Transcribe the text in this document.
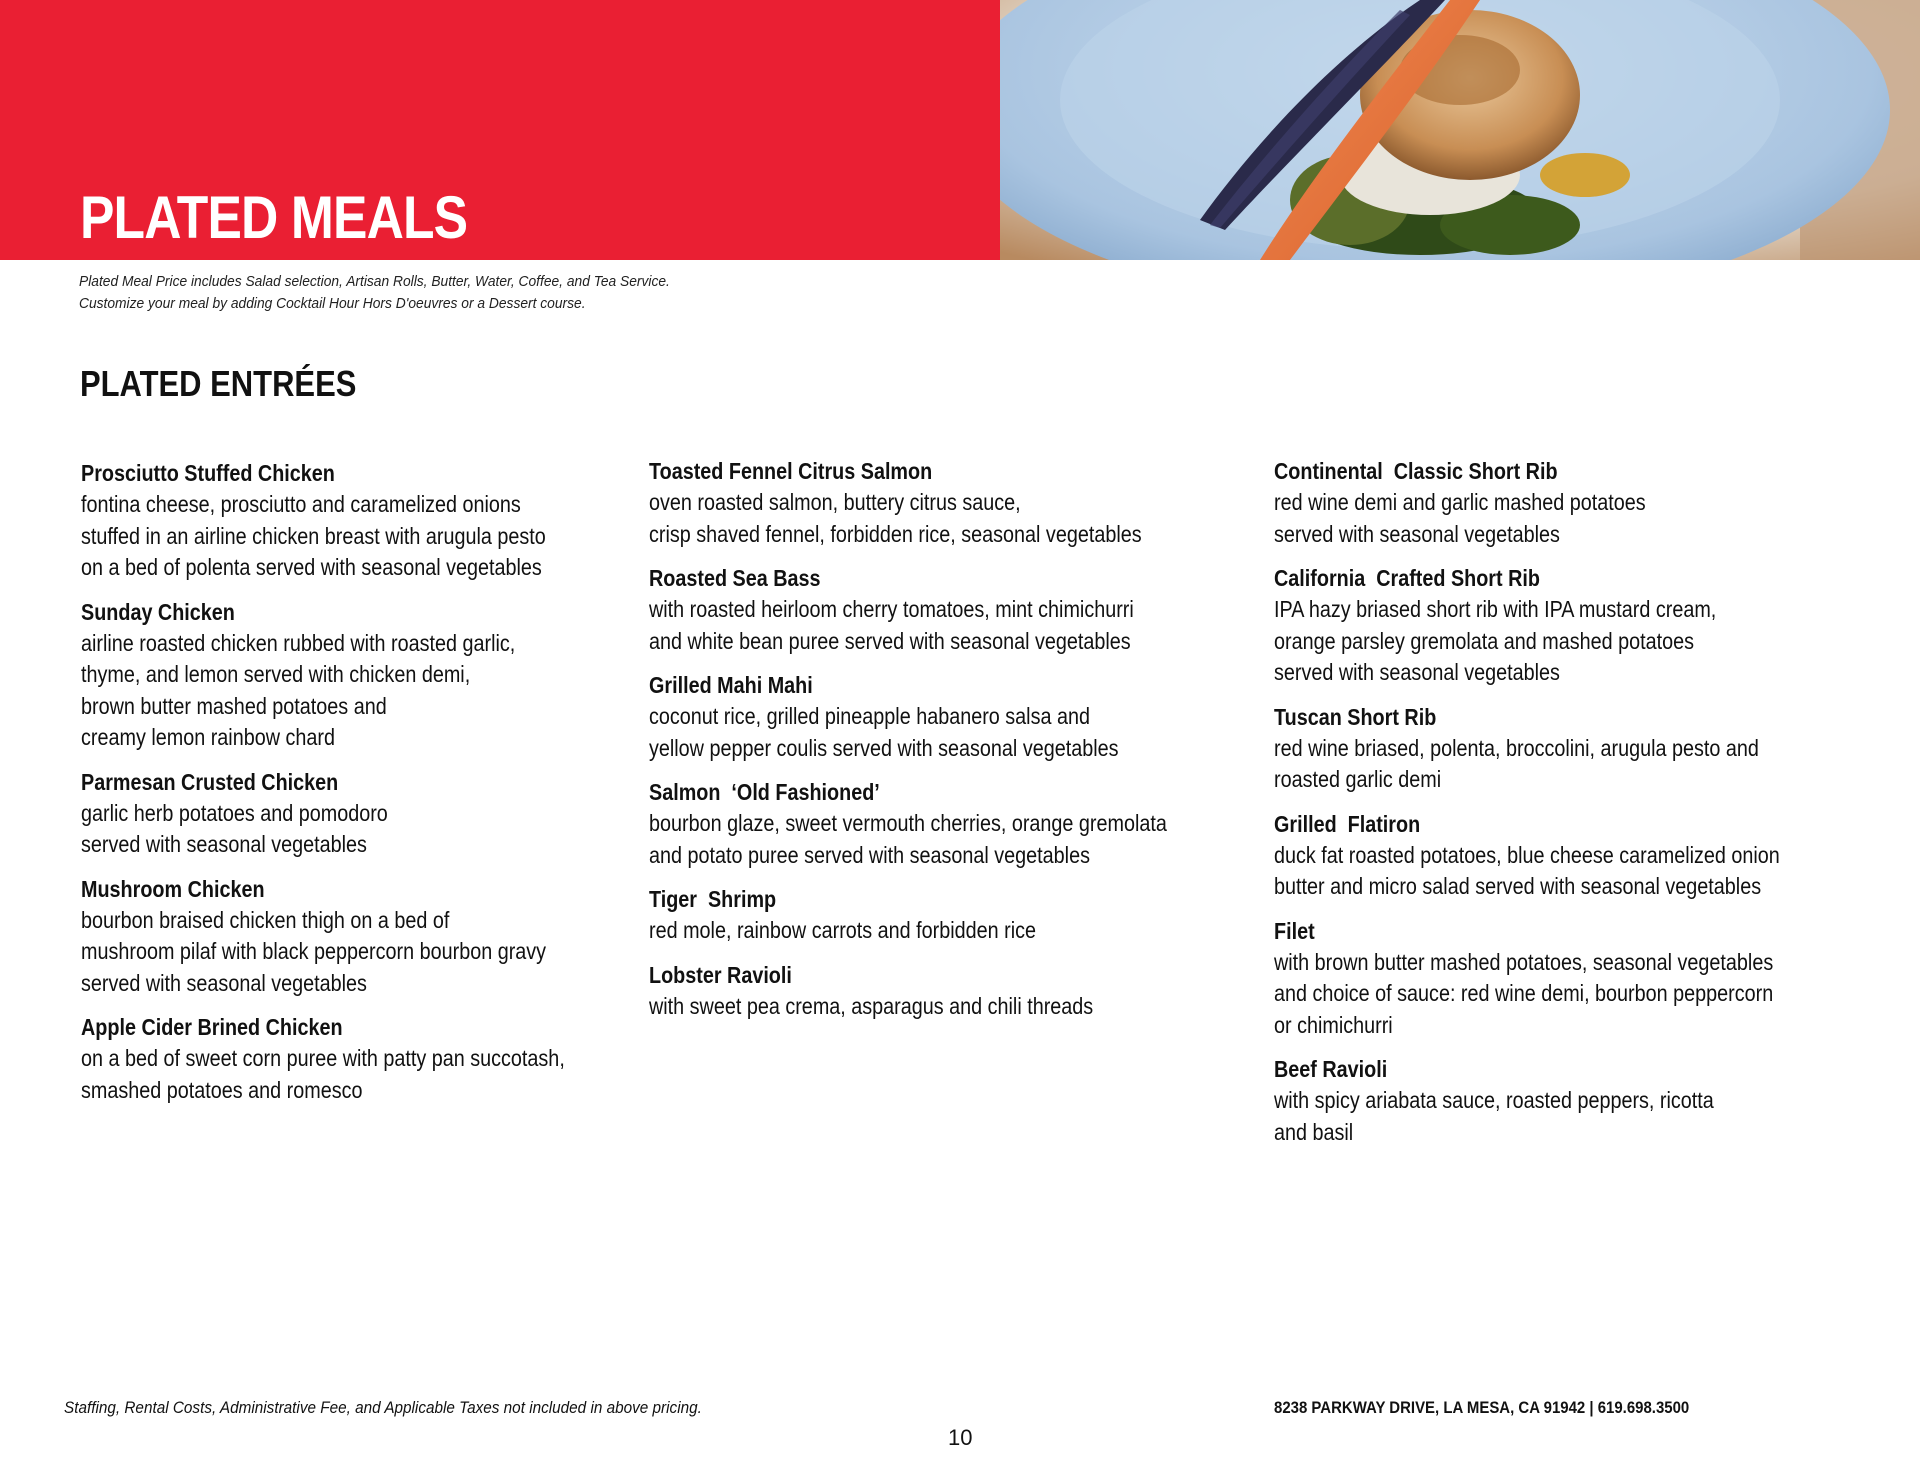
PLATED MEALS
Plated Meal Price includes Salad selection, Artisan Rolls, Butter, Water, Coffee, and Tea Service.
Customize your meal by adding Cocktail Hour Hors D'oeuvres or a Dessert course.
PLATED ENTRÉES
Prosciutto Stuffed Chicken
fontina cheese, prosciutto and caramelized onions
stuffed in an airline chicken breast with arugula pesto
on a bed of polenta served with seasonal vegetables
Sunday Chicken
airline roasted chicken rubbed with roasted garlic,
thyme, and lemon served with chicken demi,
brown butter mashed potatoes and
creamy lemon rainbow chard
Parmesan Crusted Chicken
garlic herb potatoes and pomodoro
served with seasonal vegetables
Mushroom Chicken
bourbon braised chicken thigh on a bed of
mushroom pilaf with black peppercorn bourbon gravy
served with seasonal vegetables
Apple Cider Brined Chicken
on a bed of sweet corn puree with patty pan succotash,
smashed potatoes and romesco
Toasted Fennel Citrus Salmon
oven roasted salmon, buttery citrus sauce,
crisp shaved fennel, forbidden rice, seasonal vegetables
Roasted Sea Bass
with roasted heirloom cherry tomatoes, mint chimichurri
and white bean puree served with seasonal vegetables
Grilled Mahi Mahi
coconut rice, grilled pineapple habanero salsa and
yellow pepper coulis served with seasonal vegetables
Salmon  ‘Old Fashioned’
bourbon glaze, sweet vermouth cherries, orange gremolata
and potato puree served with seasonal vegetables
Tiger  Shrimp
red mole, rainbow carrots and forbidden rice
Lobster Ravioli
with sweet pea crema, asparagus and chili threads
Continental  Classic Short Rib
red wine demi and garlic mashed potatoes
served with seasonal vegetables
California  Crafted Short Rib
IPA hazy briased short rib with IPA mustard cream,
orange parsley gremolata and mashed potatoes
served with seasonal vegetables
Tuscan Short Rib
red wine briased, polenta, broccolini, arugula pesto and
roasted garlic demi
Grilled  Flatiron
duck fat roasted potatoes, blue cheese caramelized onion
butter and micro salad served with seasonal vegetables
Filet
with brown butter mashed potatoes, seasonal vegetables
and choice of sauce: red wine demi, bourbon peppercorn
or chimichurri
Beef Ravioli
with spicy ariabata sauce, roasted peppers, ricotta
and basil
Staffing, Rental Costs, Administrative Fee, and Applicable Taxes not included in above pricing.	8238 PARKWAY DRIVE, LA MESA, CA 91942 | 619.698.3500
10
